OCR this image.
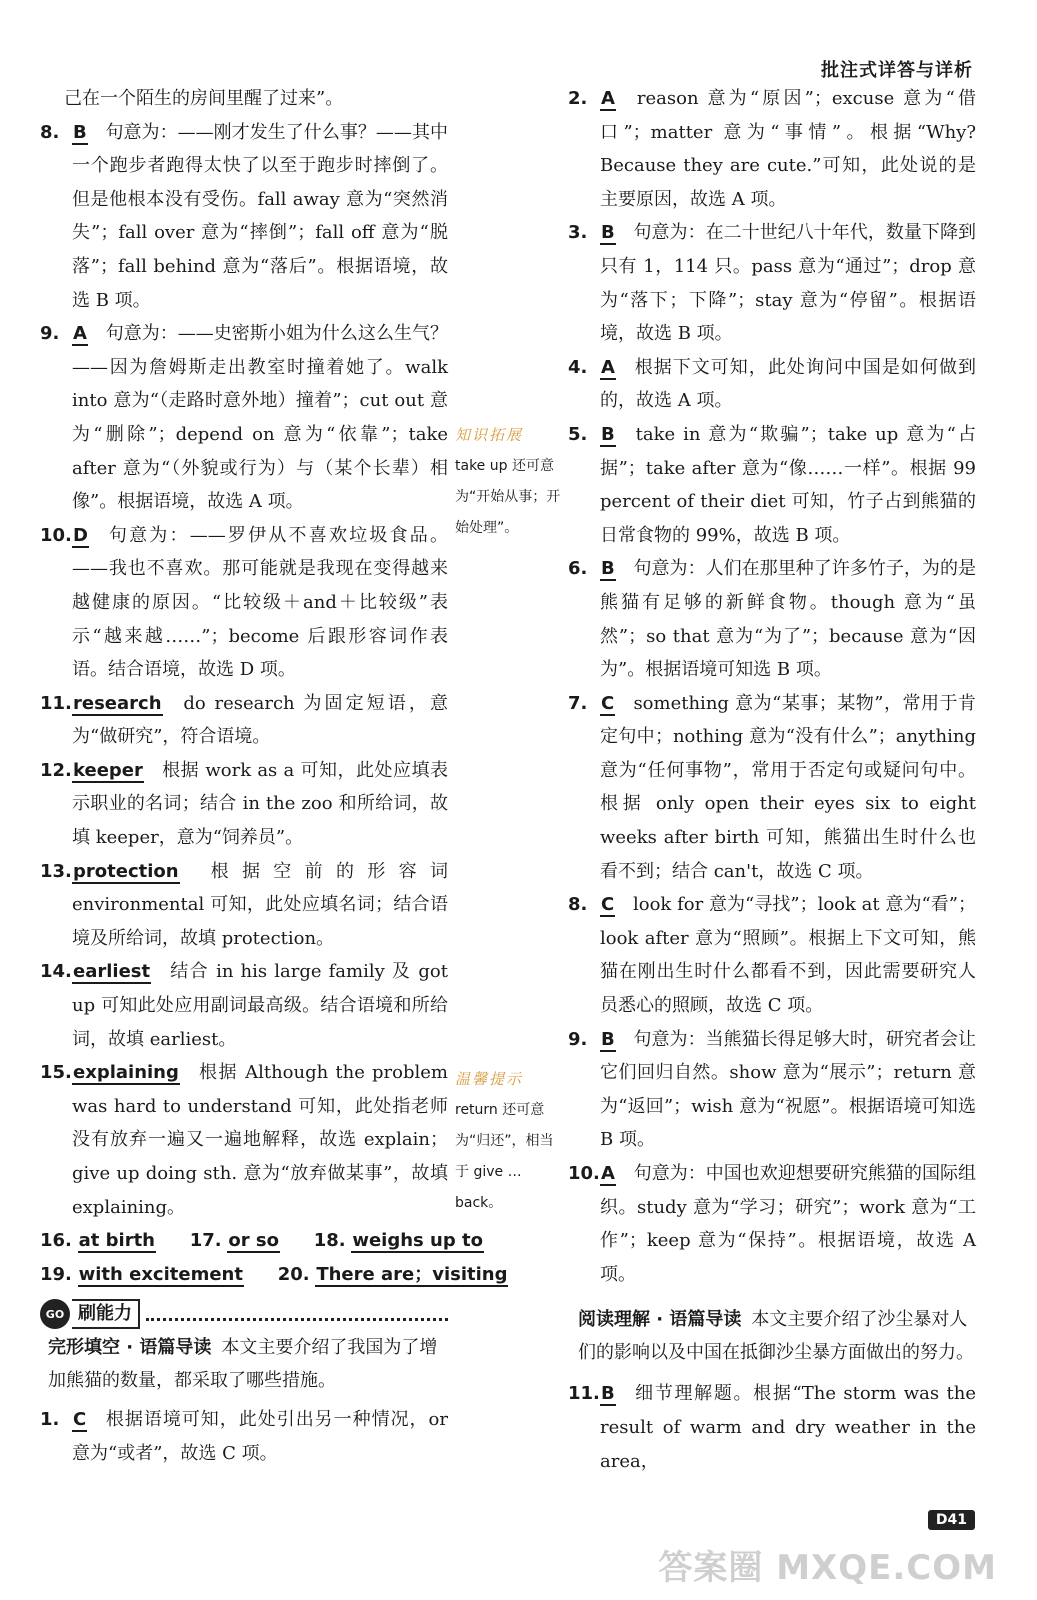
批注式详答与详析
己在一个陌生的房间里醒了过来”。
8. B 句意为：——刚才发生了什么事？——其中一个跑步者跑得太快了以至于跑步时摔倒了。但是他根本没有受伤。fall away 意为“突然消失”；fall over 意为“摔倒”；fall off 意为“脱落”；fall behind 意为“落后”。根据语境，故选 B 项。
9. A 句意为：——史密斯小姐为什么这么生气？——因为詹姆斯走出教室时撞着她了。walk into 意为“（走路时意外地）撞着”；cut out 意为“删除”；depend on 意为“依靠”；take after 意为“（外貌或行为）与（某个长辈）相像”。根据语境，故选 A 项。
10. D 句意为：——罗伊从不喜欢垃圾食品。——我也不喜欢。那可能就是我现在变得越来越健康的原因。“比较级＋and＋比较级”表示“越来越……”；become 后跟形容词作表语。结合语境，故选 D 项。
11. research do research 为固定短语，意为“做研究”，符合语境。
12. keeper 根据 work as a 可知，此处应填表示职业的名词；结合 in the zoo 和所给词，故填 keeper，意为“饲养员”。
13. protection 根据空前的形容词 environmental 可知，此处应填名词；结合语境及所给词，故填 protection。
14. earliest 结合 in his large family 及 got up 可知此处应用副词最高级。结合语境和所给词，故填 earliest。
15. explaining 根据 Although the problem was hard to understand 可知，此处指老师没有放弃一遍又一遍地解释，故选 explain；give up doing sth. 意为“放弃做某事”，故填 explaining。
16. at birth 17. or so 18. weighs up to
19. with excitement 20. There are；visiting
GO 刷能力
完形填空 · 语篇导读 本文主要介绍了我国为了增加熊猫的数量，都采取了哪些措施。
1. C 根据语境可知，此处引出另一种情况，or 意为“或者”，故选 C 项。
知识拓展
take up 还可意为“开始从事；开始处理”。
温馨提示
return 还可意为“归还”，相当于 give … back。
2. A reason 意为“原因”；excuse 意为“借口”；matter 意为“事情”。根据“Why? Because they are cute.”可知，此处说的是主要原因，故选 A 项。
3. B 句意为：在二十世纪八十年代，数量下降到只有 1，114 只。pass 意为“通过”；drop 意为“落下；下降”；stay 意为“停留”。根据语境，故选 B 项。
4. A 根据下文可知，此处询问中国是如何做到的，故选 A 项。
5. B take in 意为“欺骗”；take up 意为“占据”；take after 意为“像……一样”。根据 99 percent of their diet 可知，竹子占到熊猫的日常食物的 99%，故选 B 项。
6. B 句意为：人们在那里种了许多竹子，为的是熊猫有足够的新鲜食物。though 意为“虽然”；so that 意为“为了”；because 意为“因为”。根据语境可知选 B 项。
7. C something 意为“某事；某物”，常用于肯定句中；nothing 意为“没有什么”；anything 意为“任何事物”，常用于否定句或疑问句中。根据 only open their eyes six to eight weeks after birth 可知，熊猫出生时什么也看不到；结合 can't，故选 C 项。
8. C look for 意为“寻找”；look at 意为“看”；look after 意为“照顾”。根据上下文可知，熊猫在刚出生时什么都看不到，因此需要研究人员悉心的照顾，故选 C 项。
9. B 句意为：当熊猫长得足够大时，研究者会让它们回归自然。show 意为“展示”；return 意为“返回”；wish 意为“祝愿”。根据语境可知选 B 项。
10. A 句意为：中国也欢迎想要研究熊猫的国际组织。study 意为“学习；研究”；work 意为“工作”；keep 意为“保持”。根据语境，故选 A 项。
阅读理解 · 语篇导读 本文主要介绍了沙尘暴对人们的影响以及中国在抵御沙尘暴方面做出的努力。
11. B 细节理解题。根据“The storm was the result of warm and dry weather in the area，
D41
答案圈 MXQE.COM
